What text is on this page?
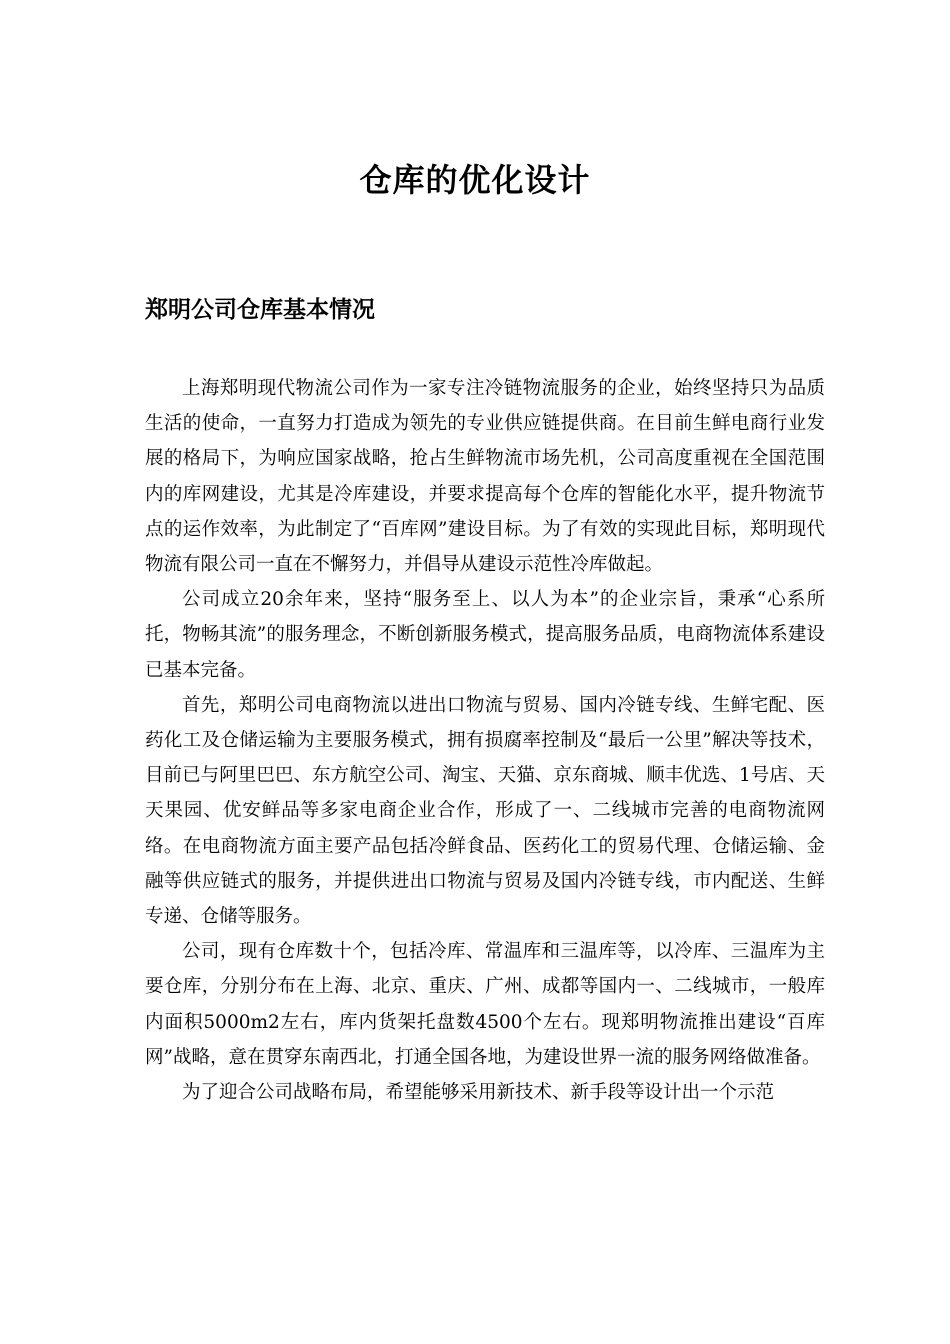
仓库的优化设计
郑明公司仓库基本情况

上海郑明现代物流公司作为一家专注冷链物流服务的企业，始终坚持只为品质生活的使命，一直努力打造成为领先的专业供应链提供商。在目前生鲜电商行业发展的格局下，为响应国家战略，抢占生鲜物流市场先机，公司高度重视在全国范围内的库网建设，尤其是冷库建设，并要求提高每个仓库的智能化水平，提升物流节点的运作效率，为此制定了“百库网”建设目标。为了有效的实现此目标，郑明现代物流有限公司一直在不懈努力，并倡导从建设示范性冷库做起。

公司成立20余年来，坚持“服务至上、以人为本”的企业宗旨，秉承“心系所托，物畅其流”的服务理念，不断创新服务模式，提高服务品质，电商物流体系建设已基本完备。

首先，郑明公司电商物流以进出口物流与贸易、国内冷链专线、生鲜宅配、医药化工及仓储运输为主要服务模式，拥有损腐率控制及“最后一公里”解决等技术，目前已与阿里巴巴、东方航空公司、淘宝、天猫、京东商城、顺丰优选、1号店、天天果园、优安鲜品等多家电商企业合作，形成了一、二线城市完善的电商物流网络。在电商物流方面主要产品包括冷鲜食品、医药化工的贸易代理、仓储运输、金融等供应链式的服务，并提供进出口物流与贸易及国内冷链专线，市内配送、生鲜专递、仓储等服务。

公司，现有仓库数十个，包括冷库、常温库和三温库等，以冷库、三温库为主要仓库，分别分布在上海、北京、重庆、广州、成都等国内一、二线城市，一般库内面积5000m2左右，库内货架托盘数4500个左右。现郑明物流推出建设“百库网”战略，意在贯穿东南西北，打通全国各地，为建设世界一流的服务网络做准备。

为了迎合公司战略布局，希望能够采用新技术、新手段等设计出一个示范
